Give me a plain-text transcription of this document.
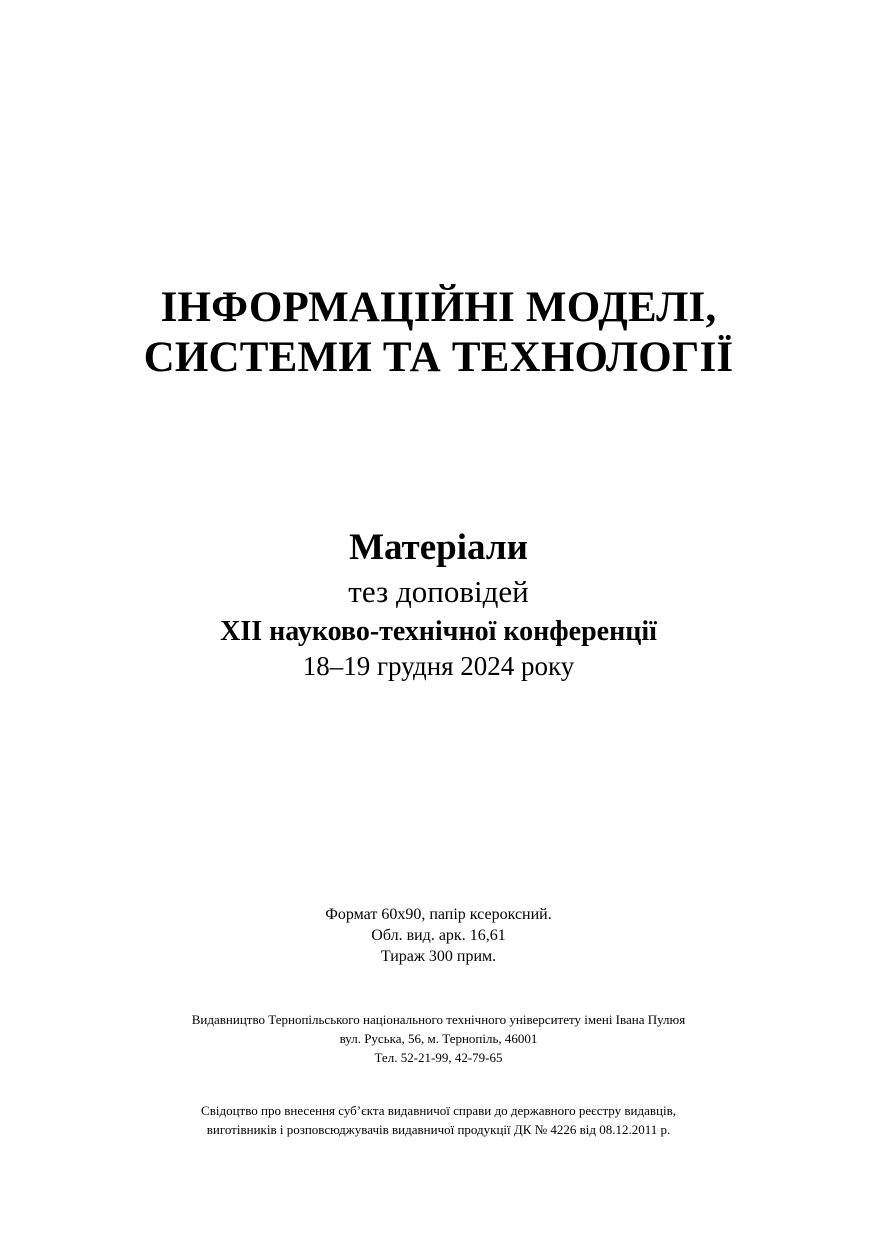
ІНФОРМАЦІЙНІ МОДЕЛІ,
СИСТЕМИ ТА ТЕХНОЛОГІЇ
Матеріали
тез доповідей
XII науково-технічної конференції
18–19 грудня 2024 року
Формат 60x90, папір ксероксний.
Обл. вид. арк. 16,61
Тираж 300 прим.
Видавництво Тернопільського національного технічного університету імені Івана Пулюя
вул. Руська, 56, м. Тернопіль, 46001
Тел. 52-21-99, 42-79-65
Свідоцтво про внесення суб’єкта видавничої справи до державного реєстру видавців,
виготівників і розповсюджувачів видавничої продукції ДК № 4226 від 08.12.2011 р.
